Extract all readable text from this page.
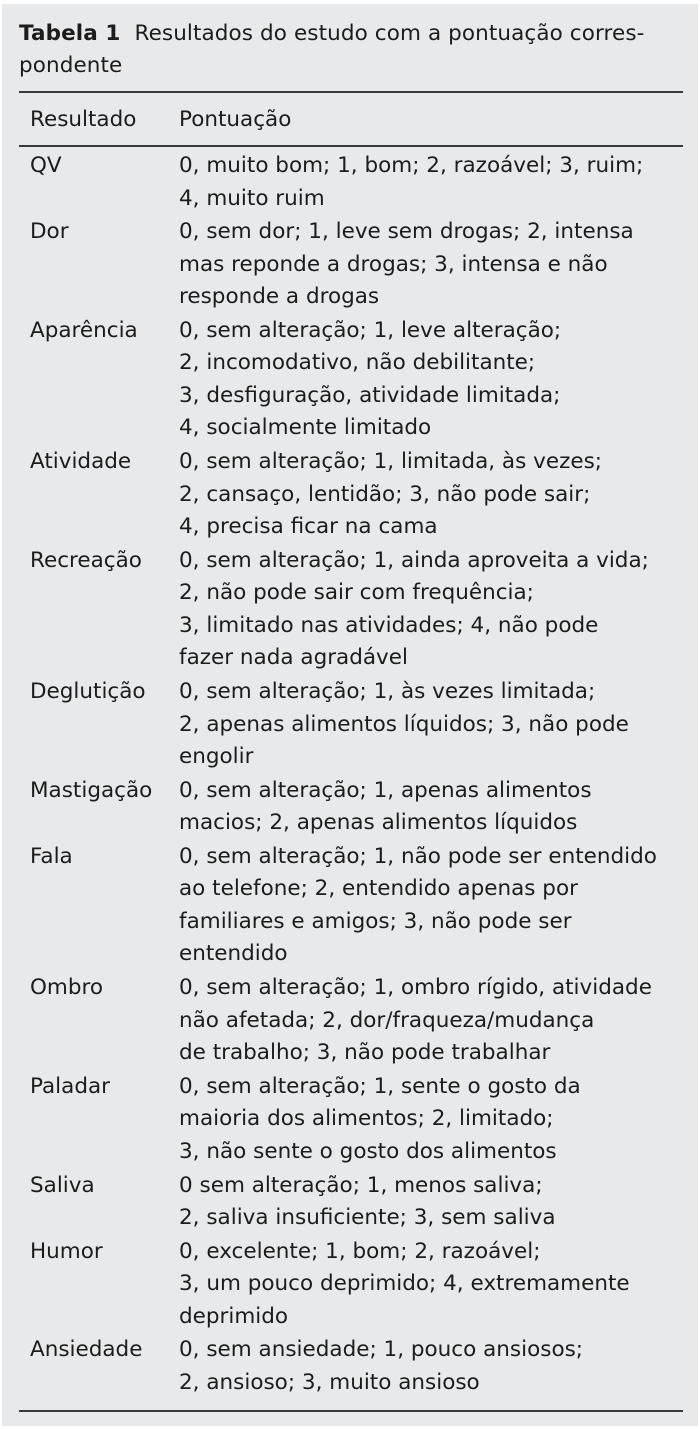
Tabela 1 Resultados do estudo com a pontuação corres-
pondente
Resultado Pontuação
QV	0, muito bom; 1, bom; 2, razoável; 3, ruim;
4, muito ruim
Dor	0, sem dor; 1, leve sem drogas; 2, intensa
mas reponde a drogas; 3, intensa e não
responde a drogas
Aparência 0, sem alteração; 1, leve alteração;
2, incomodativo, não debilitante;
3, desfiguração, atividade limitada;
4, socialmente limitado
Atividade 0, sem alteração; 1, limitada, às vezes;
2, cansaço, lentidão; 3, não pode sair;
4, precisa ficar na cama
Recreação 0, sem alteração; 1, ainda aproveita a vida;
2, não pode sair com frequência;
3, limitado nas atividades; 4, não pode
fazer nada agradável
Deglutição 0, sem alteração; 1, às vezes limitada;
2, apenas alimentos líquidos; 3, não pode
engolir
Mastigação 0, sem alteração; 1, apenas alimentos
macios; 2, apenas alimentos líquidos
Fala	0, sem alteração; 1, não pode ser entendido
ao telefone; 2, entendido apenas por
familiares e amigos; 3, não pode ser
entendido
Ombro	0, sem alteração; 1, ombro rígido, atividade
não afetada; 2, dor/fraqueza/mudança
de trabalho; 3, não pode trabalhar
Paladar	0, sem alteração; 1, sente o gosto da
maioria dos alimentos; 2, limitado;
3, não sente o gosto dos alimentos
Saliva	0 sem alteração; 1, menos saliva;
2, saliva insuficiente; 3, sem saliva
Humor	0, excelente; 1, bom; 2, razoável;
3, um pouco deprimido; 4, extremamente
deprimido
Ansiedade 0, sem ansiedade; 1, pouco ansiosos;
2, ansioso; 3, muito ansioso
